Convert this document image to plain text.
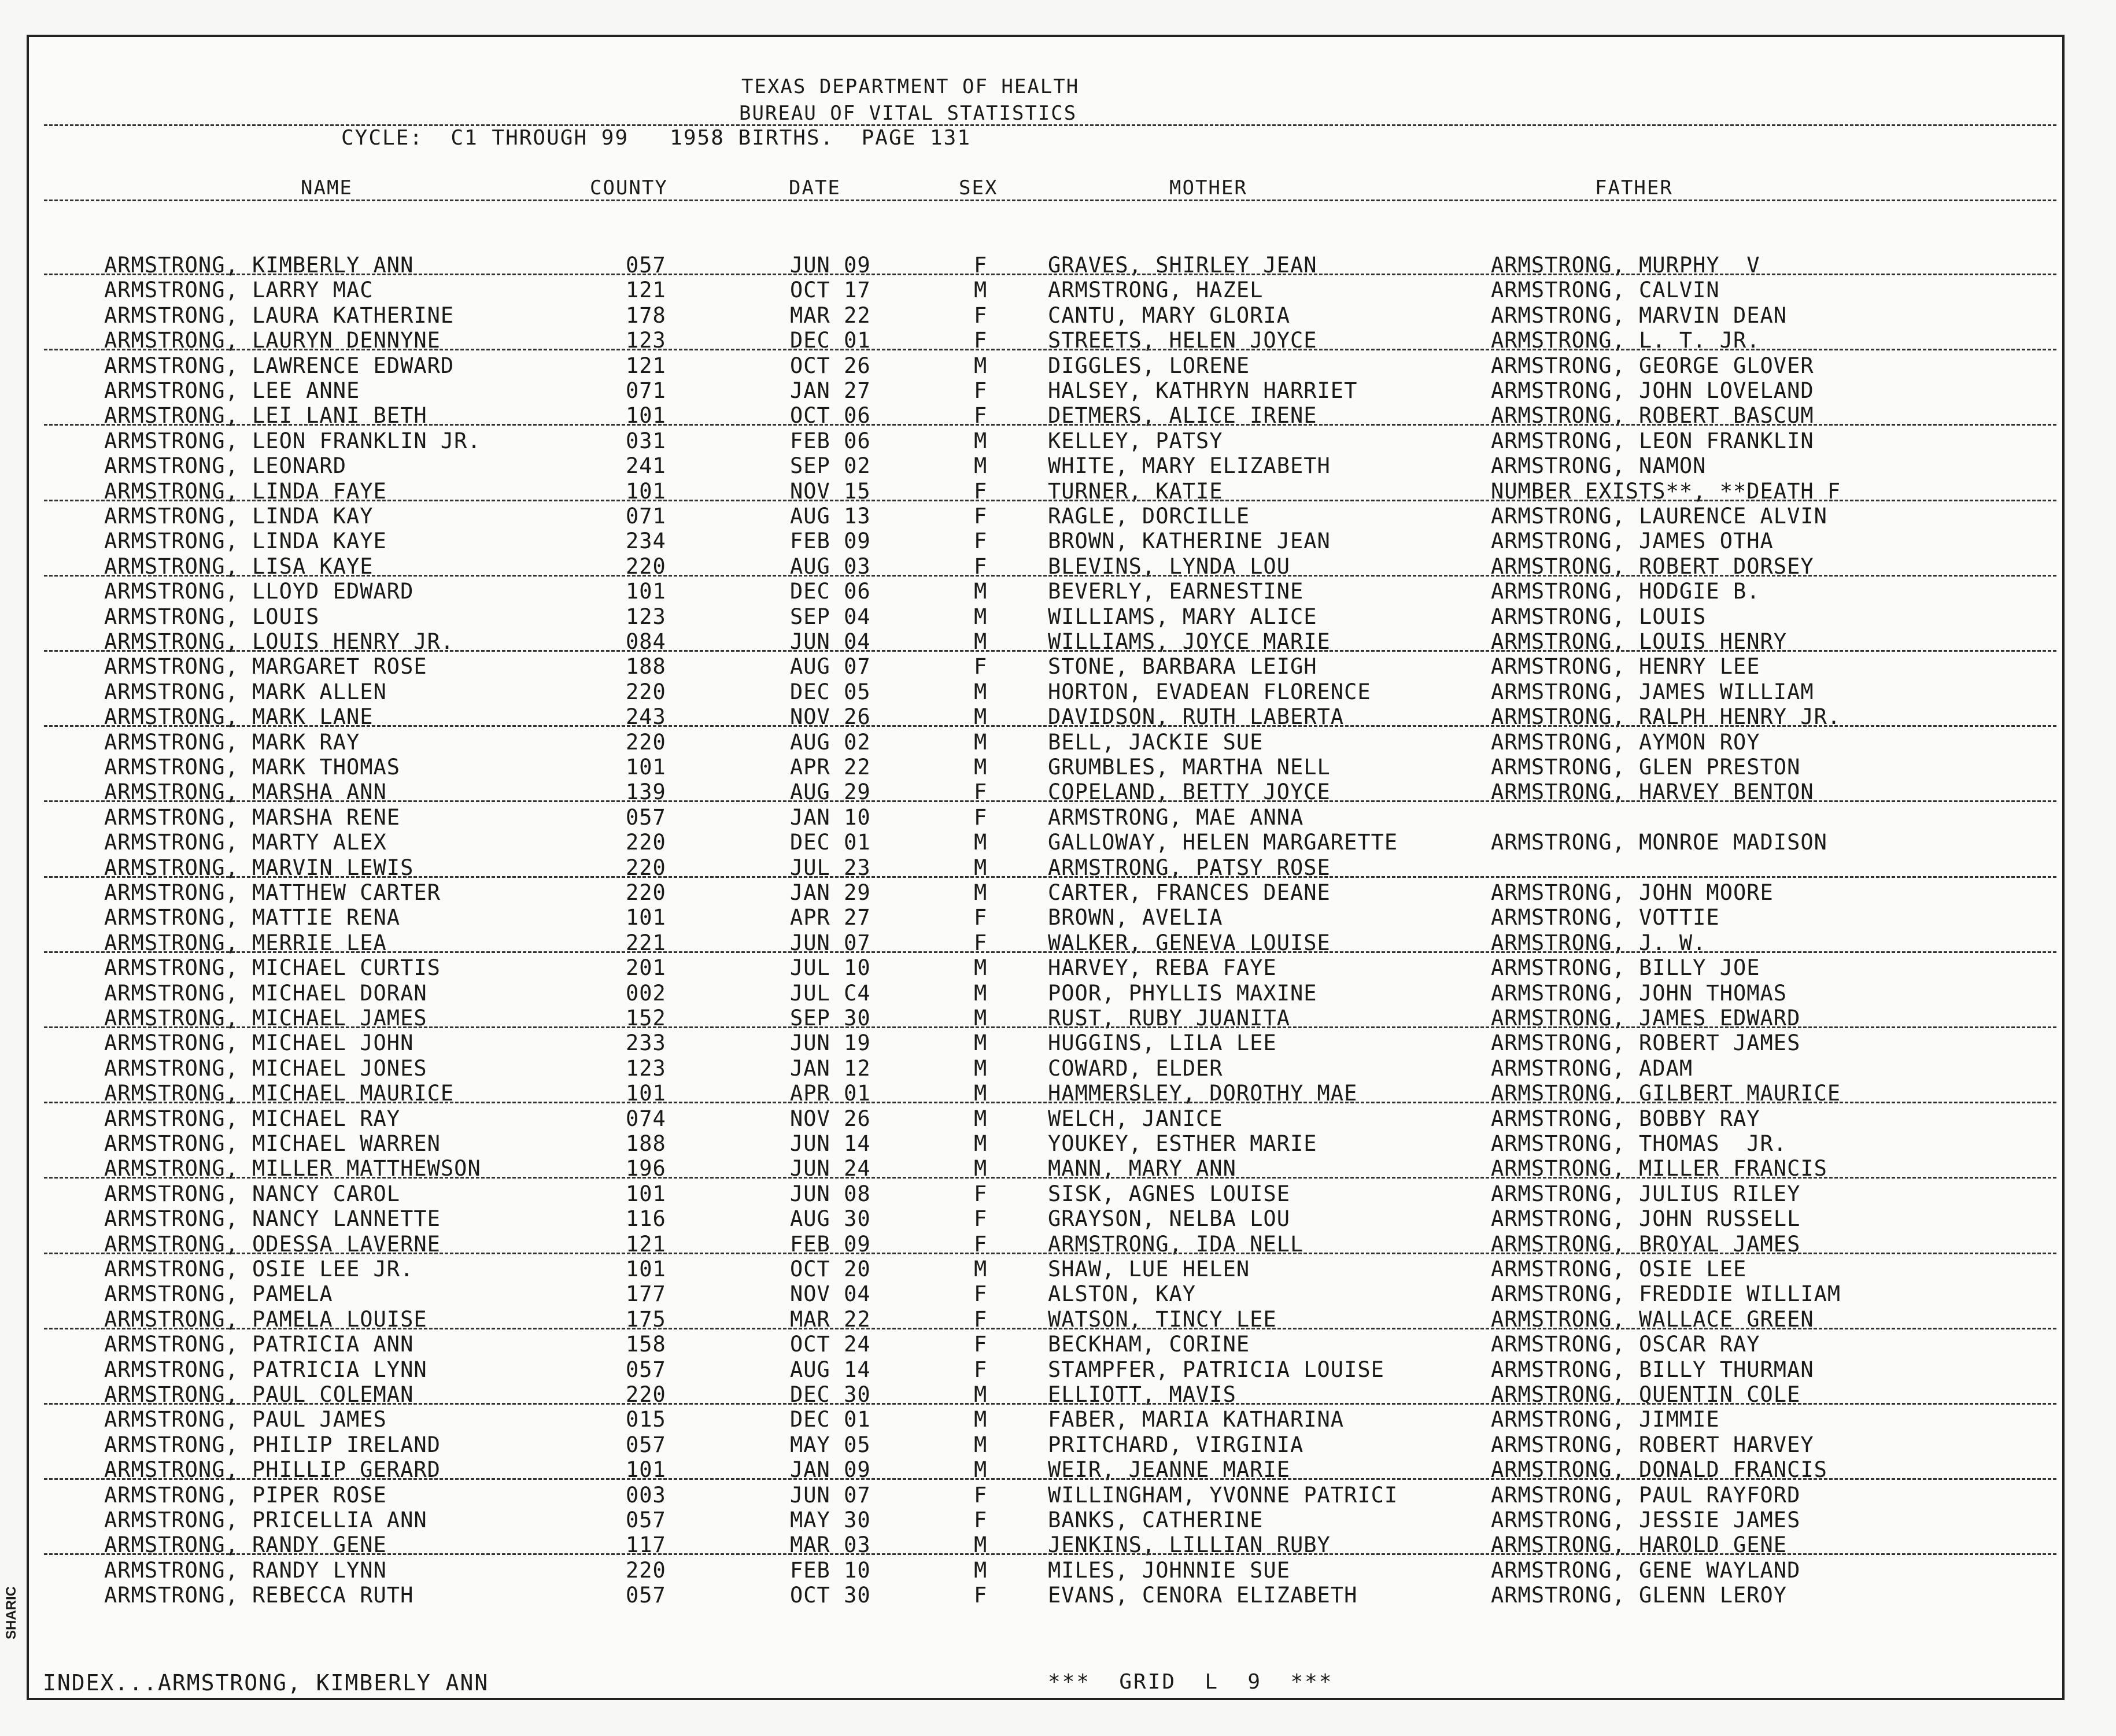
TEXAS DEPARTMENT OF HEALTH
BUREAU OF VITAL STATISTICS
CYCLE:  C1 THROUGH 99   1958 BIRTHS.  PAGE 131
NAME	COUNTY	DATE	SEX	MOTHER	FATHER
ARMSTRONG, KIMBERLY ANN	057	JUN 09	F	GRAVES, SHIRLEY JEAN	ARMSTRONG, MURPHY  V
ARMSTRONG, LARRY MAC	121	OCT 17	M	ARMSTRONG, HAZEL	ARMSTRONG, CALVIN
ARMSTRONG, LAURA KATHERINE	178	MAR 22	F	CANTU, MARY GLORIA	ARMSTRONG, MARVIN DEAN
ARMSTRONG, LAURYN DENNYNE	123	DEC 01	F	STREETS, HELEN JOYCE	ARMSTRONG, L. T. JR.
ARMSTRONG, LAWRENCE EDWARD	121	OCT 26	M	DIGGLES, LORENE	ARMSTRONG, GEORGE GLOVER
ARMSTRONG, LEE ANNE	071	JAN 27	F	HALSEY, KATHRYN HARRIET	ARMSTRONG, JOHN LOVELAND
ARMSTRONG, LEI LANI BETH	101	OCT 06	F	DETMERS, ALICE IRENE	ARMSTRONG, ROBERT BASCUM
ARMSTRONG, LEON FRANKLIN JR.	031	FEB 06	M	KELLEY, PATSY	ARMSTRONG, LEON FRANKLIN
ARMSTRONG, LEONARD	241	SEP 02	M	WHITE, MARY ELIZABETH	ARMSTRONG, NAMON
ARMSTRONG, LINDA FAYE	101	NOV 15	F	TURNER, KATIE	NUMBER EXISTS**, **DEATH F
ARMSTRONG, LINDA KAY	071	AUG 13	F	RAGLE, DORCILLE	ARMSTRONG, LAURENCE ALVIN
ARMSTRONG, LINDA KAYE	234	FEB 09	F	BROWN, KATHERINE JEAN	ARMSTRONG, JAMES OTHA
ARMSTRONG, LISA KAYE	220	AUG 03	F	BLEVINS, LYNDA LOU	ARMSTRONG, ROBERT DORSEY
ARMSTRONG, LLOYD EDWARD	101	DEC 06	M	BEVERLY, EARNESTINE	ARMSTRONG, HODGIE B.
ARMSTRONG, LOUIS	123	SEP 04	M	WILLIAMS, MARY ALICE	ARMSTRONG, LOUIS
ARMSTRONG, LOUIS HENRY JR.	084	JUN 04	M	WILLIAMS, JOYCE MARIE	ARMSTRONG, LOUIS HENRY
ARMSTRONG, MARGARET ROSE	188	AUG 07	F	STONE, BARBARA LEIGH	ARMSTRONG, HENRY LEE
ARMSTRONG, MARK ALLEN	220	DEC 05	M	HORTON, EVADEAN FLORENCE	ARMSTRONG, JAMES WILLIAM
ARMSTRONG, MARK LANE	243	NOV 26	M	DAVIDSON, RUTH LABERTA	ARMSTRONG, RALPH HENRY JR.
ARMSTRONG, MARK RAY	220	AUG 02	M	BELL, JACKIE SUE	ARMSTRONG, AYMON ROY
ARMSTRONG, MARK THOMAS	101	APR 22	M	GRUMBLES, MARTHA NELL	ARMSTRONG, GLEN PRESTON
ARMSTRONG, MARSHA ANN	139	AUG 29	F	COPELAND, BETTY JOYCE	ARMSTRONG, HARVEY BENTON
ARMSTRONG, MARSHA RENE	057	JAN 10	F	ARMSTRONG, MAE ANNA
ARMSTRONG, MARTY ALEX	220	DEC 01	M	GALLOWAY, HELEN MARGARETTE	ARMSTRONG, MONROE MADISON
ARMSTRONG, MARVIN LEWIS	220	JUL 23	M	ARMSTRONG, PATSY ROSE
ARMSTRONG, MATTHEW CARTER	220	JAN 29	M	CARTER, FRANCES DEANE	ARMSTRONG, JOHN MOORE
ARMSTRONG, MATTIE RENA	101	APR 27	F	BROWN, AVELIA	ARMSTRONG, VOTTIE
ARMSTRONG, MERRIE LEA	221	JUN 07	F	WALKER, GENEVA LOUISE	ARMSTRONG, J. W.
ARMSTRONG, MICHAEL CURTIS	201	JUL 10	M	HARVEY, REBA FAYE	ARMSTRONG, BILLY JOE
ARMSTRONG, MICHAEL DORAN	002	JUL C4	M	POOR, PHYLLIS MAXINE	ARMSTRONG, JOHN THOMAS
ARMSTRONG, MICHAEL JAMES	152	SEP 30	M	RUST, RUBY JUANITA	ARMSTRONG, JAMES EDWARD
ARMSTRONG, MICHAEL JOHN	233	JUN 19	M	HUGGINS, LILA LEE	ARMSTRONG, ROBERT JAMES
ARMSTRONG, MICHAEL JONES	123	JAN 12	M	COWARD, ELDER	ARMSTRONG, ADAM
ARMSTRONG, MICHAEL MAURICE	101	APR 01	M	HAMMERSLEY, DOROTHY MAE	ARMSTRONG, GILBERT MAURICE
ARMSTRONG, MICHAEL RAY	074	NOV 26	M	WELCH, JANICE	ARMSTRONG, BOBBY RAY
ARMSTRONG, MICHAEL WARREN	188	JUN 14	M	YOUKEY, ESTHER MARIE	ARMSTRONG, THOMAS  JR.
ARMSTRONG, MILLER MATTHEWSON	196	JUN 24	M	MANN, MARY ANN	ARMSTRONG, MILLER FRANCIS
ARMSTRONG, NANCY CAROL	101	JUN 08	F	SISK, AGNES LOUISE	ARMSTRONG, JULIUS RILEY
ARMSTRONG, NANCY LANNETTE	116	AUG 30	F	GRAYSON, NELBA LOU	ARMSTRONG, JOHN RUSSELL
ARMSTRONG, ODESSA LAVERNE	121	FEB 09	F	ARMSTRONG, IDA NELL	ARMSTRONG, BROYAL JAMES
ARMSTRONG, OSIE LEE JR.	101	OCT 20	M	SHAW, LUE HELEN	ARMSTRONG, OSIE LEE
ARMSTRONG, PAMELA	177	NOV 04	F	ALSTON, KAY	ARMSTRONG, FREDDIE WILLIAM
ARMSTRONG, PAMELA LOUISE	175	MAR 22	F	WATSON, TINCY LEE	ARMSTRONG, WALLACE GREEN
ARMSTRONG, PATRICIA ANN	158	OCT 24	F	BECKHAM, CORINE	ARMSTRONG, OSCAR RAY
ARMSTRONG, PATRICIA LYNN	057	AUG 14	F	STAMPFER, PATRICIA LOUISE	ARMSTRONG, BILLY THURMAN
ARMSTRONG, PAUL COLEMAN	220	DEC 30	M	ELLIOTT, MAVIS	ARMSTRONG, QUENTIN COLE
ARMSTRONG, PAUL JAMES	015	DEC 01	M	FABER, MARIA KATHARINA	ARMSTRONG, JIMMIE
ARMSTRONG, PHILIP IRELAND	057	MAY 05	M	PRITCHARD, VIRGINIA	ARMSTRONG, ROBERT HARVEY
ARMSTRONG, PHILLIP GERARD	101	JAN 09	M	WEIR, JEANNE MARIE	ARMSTRONG, DONALD FRANCIS
ARMSTRONG, PIPER ROSE	003	JUN 07	F	WILLINGHAM, YVONNE PATRICI	ARMSTRONG, PAUL RAYFORD
ARMSTRONG, PRICELLIA ANN	057	MAY 30	F	BANKS, CATHERINE	ARMSTRONG, JESSIE JAMES
ARMSTRONG, RANDY GENE	117	MAR 03	M	JENKINS, LILLIAN RUBY	ARMSTRONG, HAROLD GENE
ARMSTRONG, RANDY LYNN	220	FEB 10	M	MILES, JOHNNIE SUE	ARMSTRONG, GENE WAYLAND
ARMSTRONG, REBECCA RUTH	057	OCT 30	F	EVANS, CENORA ELIZABETH	ARMSTRONG, GLENN LEROY
INDEX...ARMSTRONG, KIMBERLY ANN	***  GRID  L  9  ***
SHARIC
